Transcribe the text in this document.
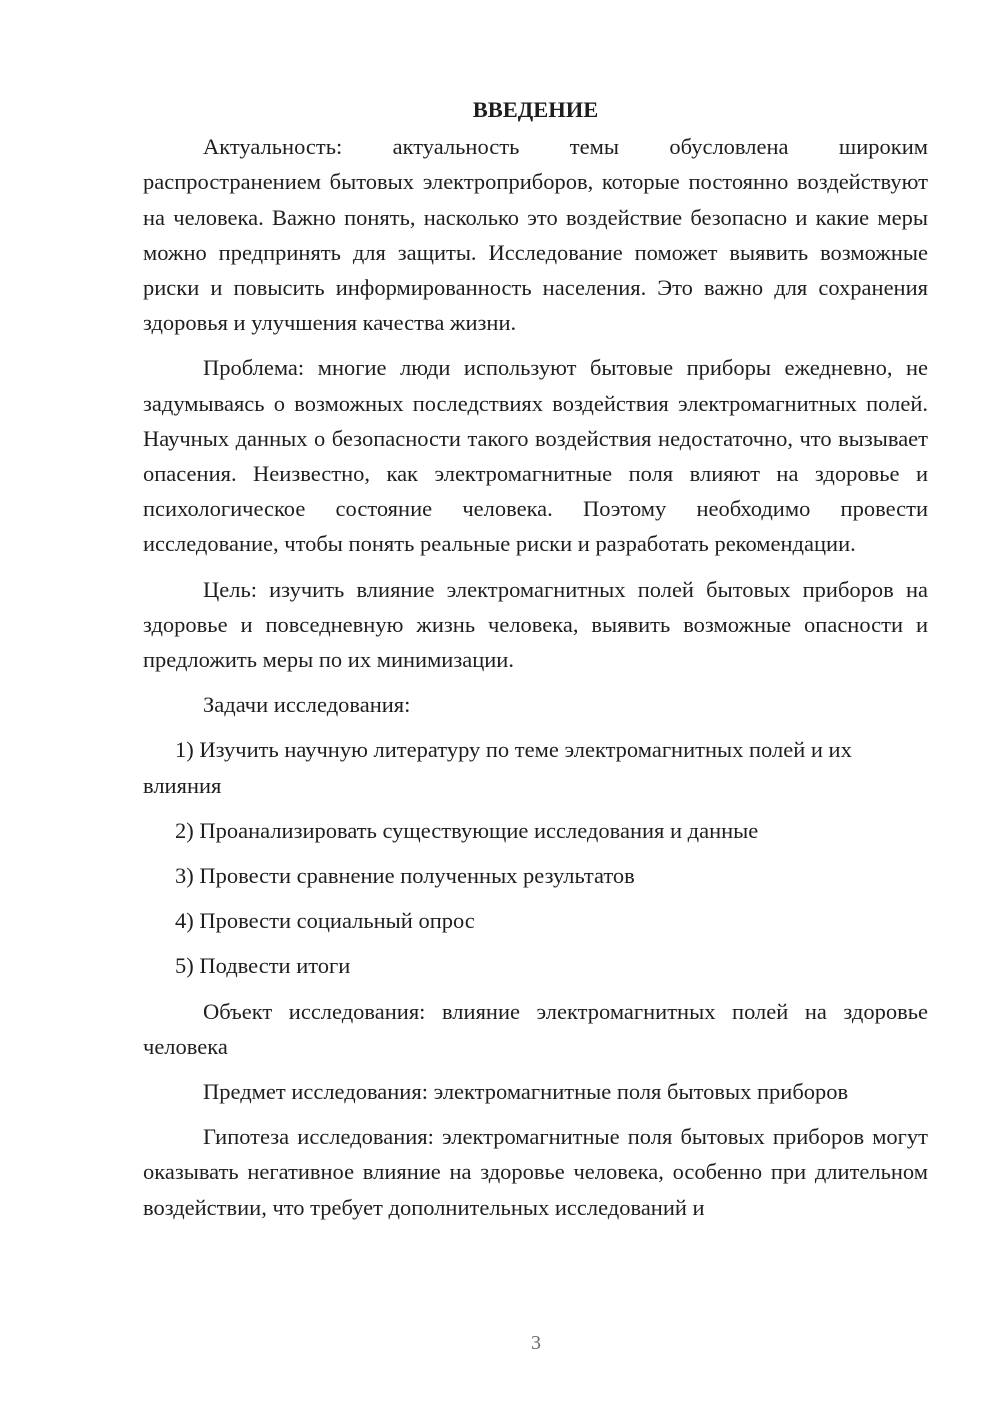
ВВЕДЕНИЕ
Актуальность: актуальность темы обусловлена широким распространением бытовых электроприборов, которые постоянно воздействуют на человека. Важно понять, насколько это воздействие безопасно и какие меры можно предпринять для защиты. Исследование поможет выявить возможные риски и повысить информированность населения. Это важно для сохранения здоровья и улучшения качества жизни.
Проблема: многие люди используют бытовые приборы ежедневно, не задумываясь о возможных последствиях воздействия электромагнитных полей. Научных данных о безопасности такого воздействия недостаточно, что вызывает опасения. Неизвестно, как электромагнитные поля влияют на здоровье и психологическое состояние человека. Поэтому необходимо провести исследование, чтобы понять реальные риски и разработать рекомендации.
Цель: изучить влияние электромагнитных полей бытовых приборов на здоровье и повседневную жизнь человека, выявить возможные опасности и предложить меры по их минимизации.
Задачи исследования:
1) Изучить научную литературу по теме электромагнитных полей и их влияния
2) Проанализировать существующие исследования и данные
3) Провести сравнение полученных результатов
4) Провести социальный опрос
5) Подвести итоги
Объект исследования: влияние электромагнитных полей на здоровье человека
Предмет исследования: электромагнитные поля бытовых приборов
Гипотеза исследования: электромагнитные поля бытовых приборов могут оказывать негативное влияние на здоровье человека, особенно при длительном воздействии, что требует дополнительных исследований и
3
